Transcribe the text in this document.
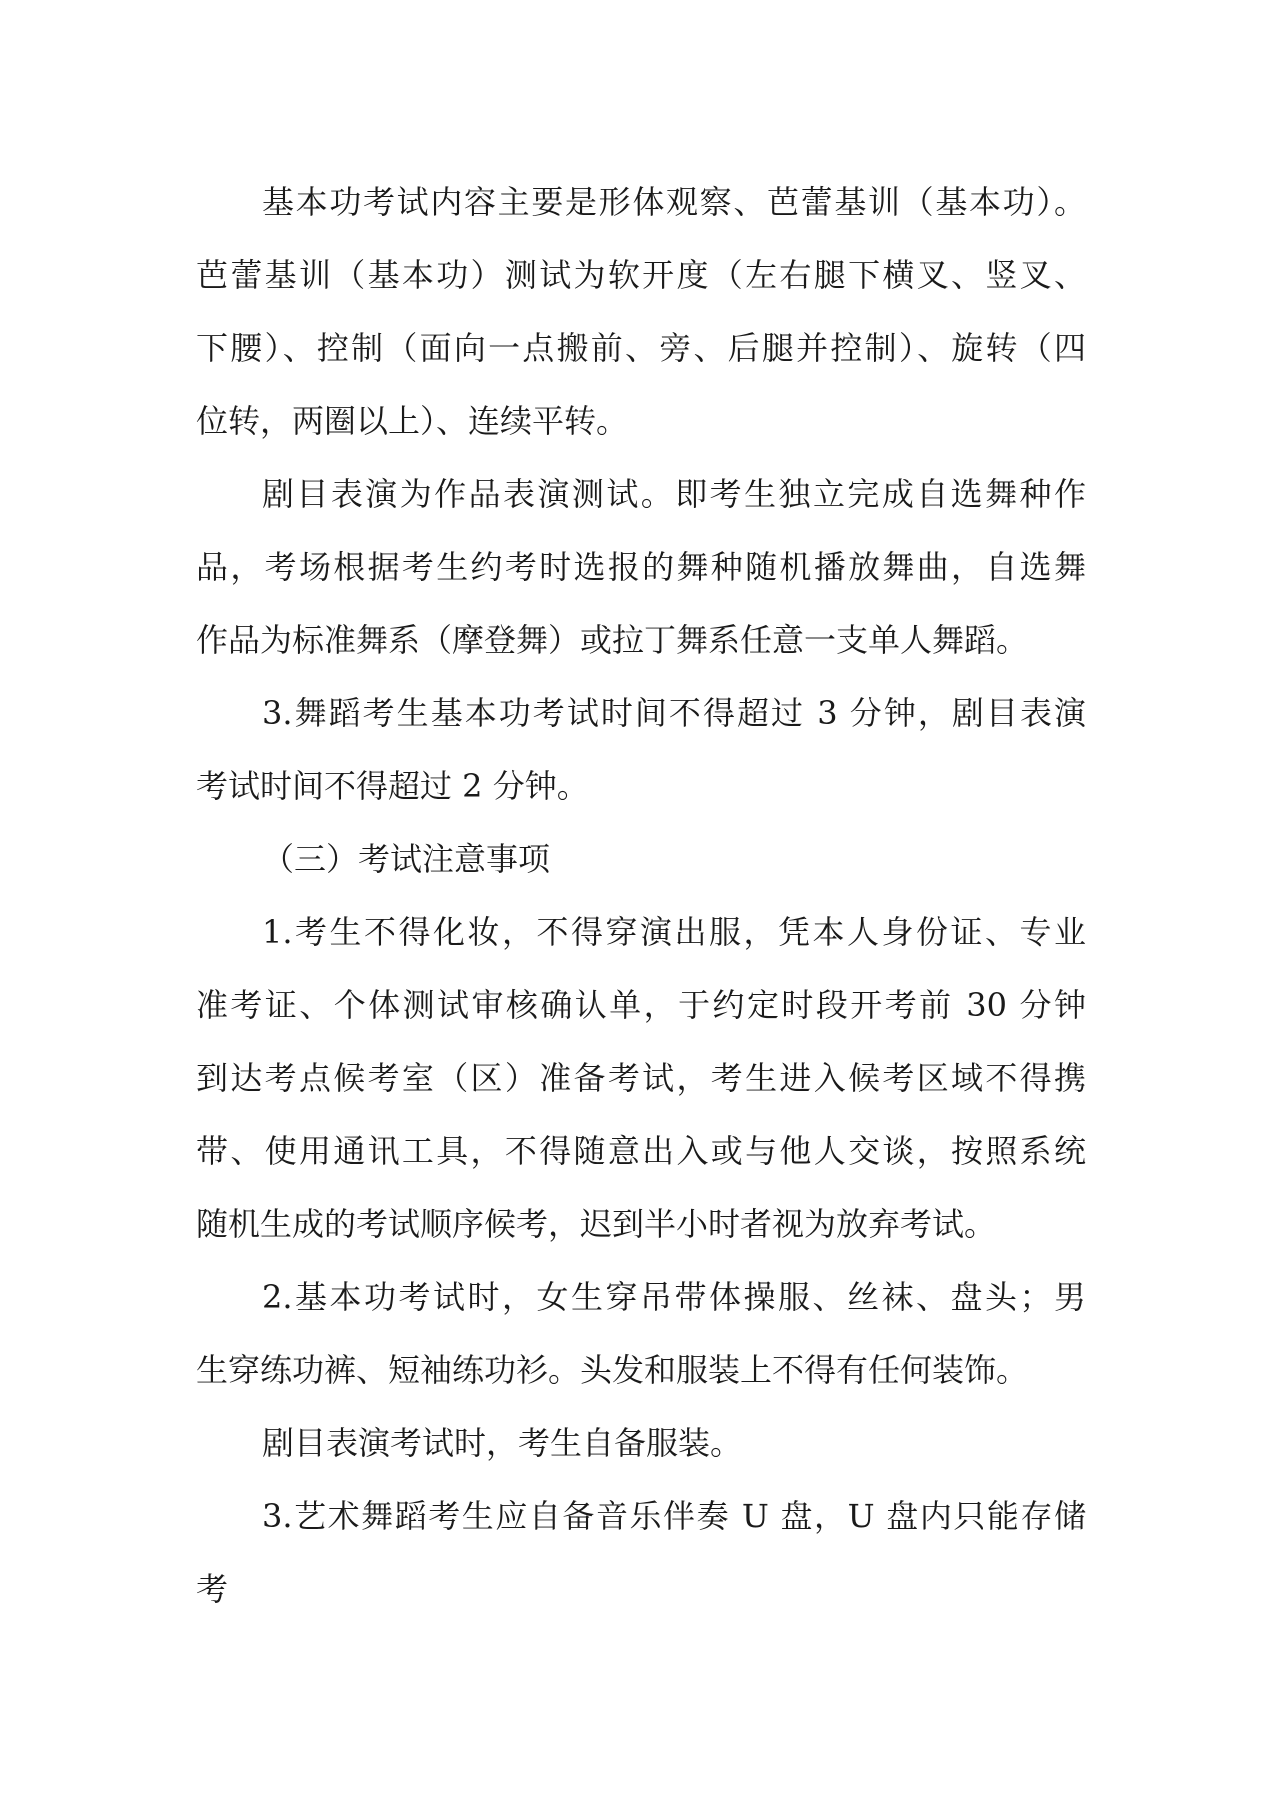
基本功考试内容主要是形体观察、芭蕾基训（基本功）。
芭蕾基训（基本功）测试为软开度（左右腿下横叉、竖叉、
下腰）、控制（面向一点搬前、旁、后腿并控制）、旋转（四
位转，两圈以上）、连续平转。
剧目表演为作品表演测试。即考生独立完成自选舞种作
品，考场根据考生约考时选报的舞种随机播放舞曲，自选舞
作品为标准舞系（摩登舞）或拉丁舞系任意一支单人舞蹈。
3.舞蹈考生基本功考试时间不得超过 3 分钟，剧目表演
考试时间不得超过 2 分钟。
（三）考试注意事项
1.考生不得化妆，不得穿演出服，凭本人身份证、专业
准考证、个体测试审核确认单，于约定时段开考前 30 分钟
到达考点候考室（区）准备考试，考生进入候考区域不得携
带、使用通讯工具，不得随意出入或与他人交谈，按照系统
随机生成的考试顺序候考，迟到半小时者视为放弃考试。
2.基本功考试时，女生穿吊带体操服、丝袜、盘头；男
生穿练功裤、短袖练功衫。头发和服装上不得有任何装饰。
剧目表演考试时，考生自备服装。
3.艺术舞蹈考生应自备音乐伴奏 U 盘，U 盘内只能存储
考
